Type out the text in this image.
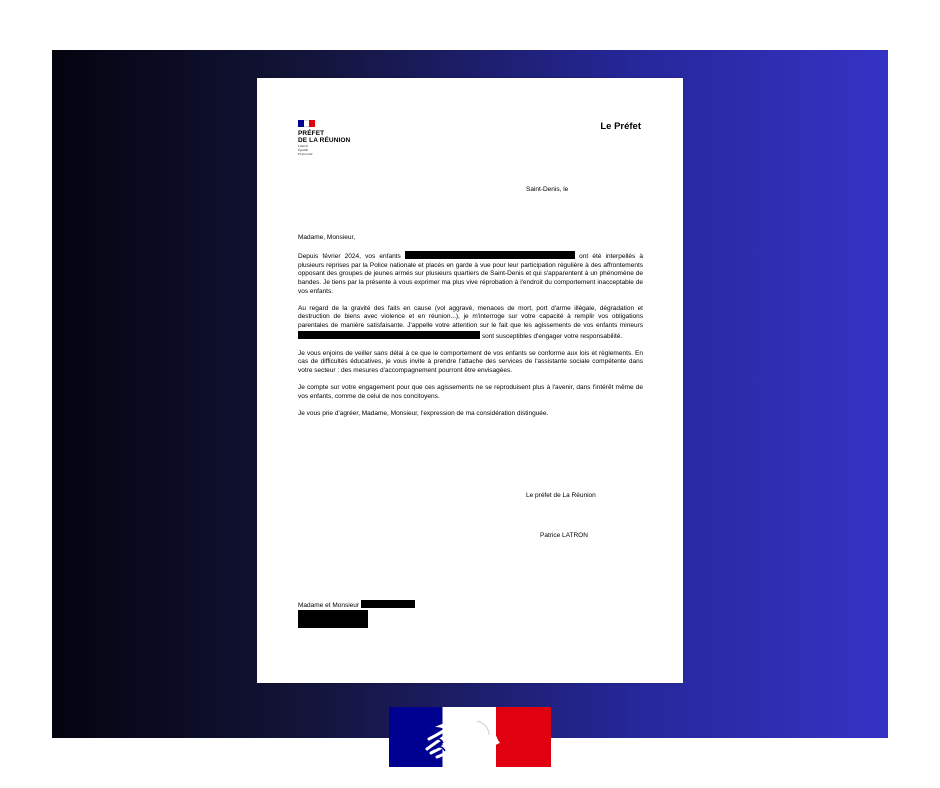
PRÉFET
DE LA RÉUNION
Liberté
Égalité
Fraternité
Le Préfet
Saint-Denis, le

Madame, Monsieur,

Depuis février 2024, vos enfants	ont été interpellés à plusieurs reprises par la Police nationale et placés en garde à vue pour leur participation régulière à des affrontements opposant des groupes de jeunes armés sur plusieurs quartiers de Saint-Denis et qui s'apparentent à un phénomène de bandes. Je tiens par la présente à vous exprimer ma plus vive réprobation à l'endroit du comportement inacceptable de vos enfants.

Au regard de la gravité des faits en cause (vol aggravé, menaces de mort, port d'arme illégale, dégradation et destruction de biens avec violence et en réunion...), je m'interroge sur votre capacité à remplir vos obligations parentales de manière satisfaisante. J'appelle votre attention sur le fait que les agissements de vos enfants mineurs  sont susceptibles d'engager votre responsabilité.

Je vous enjoins de veiller sans délai à ce que le comportement de vos enfants se conforme aux lois et règlements. En cas de difficultés éducatives, je vous invite à prendre l'attache des services de l'assistante sociale compétente dans votre secteur : des mesures d'accompagnement pourront être envisagées.

Je compte sur votre engagement pour que ces agissements ne se reproduisent plus à l'avenir, dans l'intérêt même de vos enfants, comme de celui de nos concitoyens.

Je vous prie d'agréer, Madame, Monsieur, l'expression de ma considération distinguée.

Le préfet de La Réunion
Patrice LATRON
Madame et Monsieur
